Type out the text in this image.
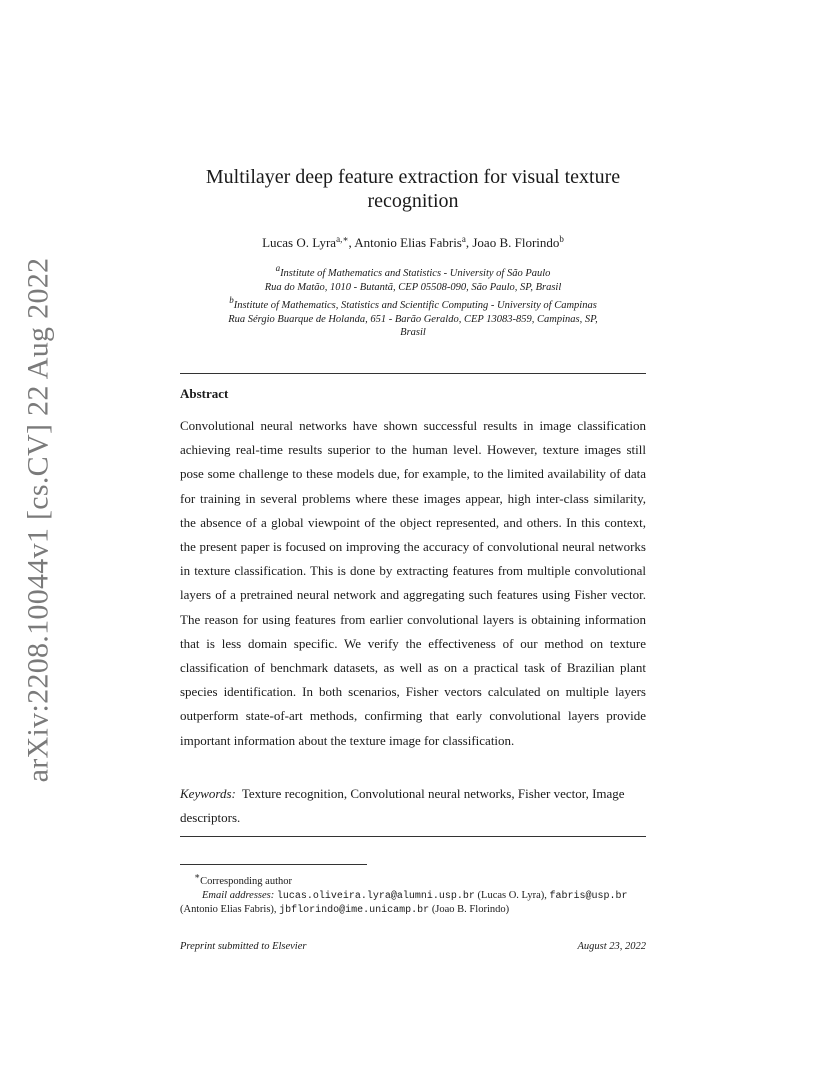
arXiv:2208.10044v1 [cs.CV] 22 Aug 2022
Multilayer deep feature extraction for visual texture recognition
Lucas O. Lyra$^{a,∗}$, Antonio Elias Fabris$^a$, Joao B. Florindo$^b$
$^a$Institute of Mathematics and Statistics - University of São Paulo
Rua do Matão, 1010 - Butantã, CEP 05508-090, São Paulo, SP, Brasil
$^b$Institute of Mathematics, Statistics and Scientific Computing - University of Campinas
Rua Sérgio Buarque de Holanda, 651 - Barão Geraldo, CEP 13083-859, Campinas, SP,
Brasil
Abstract
Convolutional neural networks have shown successful results in image classification achieving real-time results superior to the human level. However, texture images still pose some challenge to these models due, for example, to the limited availability of data for training in several problems where these images appear, high inter-class similarity, the absence of a global viewpoint of the object represented, and others. In this context, the present paper is focused on improving the accuracy of convolutional neural networks in texture classification. This is done by extracting features from multiple convolutional layers of a pretrained neural network and aggregating such features using Fisher vector. The reason for using features from earlier convolutional layers is obtaining information that is less domain specific. We verify the effectiveness of our method on texture classification of benchmark datasets, as well as on a practical task of Brazilian plant species identification. In both scenarios, Fisher vectors calculated on multiple layers outperform state-of-art methods, confirming that early convolutional layers provide important information about the texture image for classification.
Keywords: Texture recognition, Convolutional neural networks, Fisher vector, Image descriptors.
∗Corresponding author
Email addresses: lucas.oliveira.lyra@alumni.usp.br (Lucas O. Lyra), fabris@usp.br
(Antonio Elias Fabris), jbflorindo@ime.unicamp.br (Joao B. Florindo)
Preprint submitted to Elsevier	August 23, 2022
